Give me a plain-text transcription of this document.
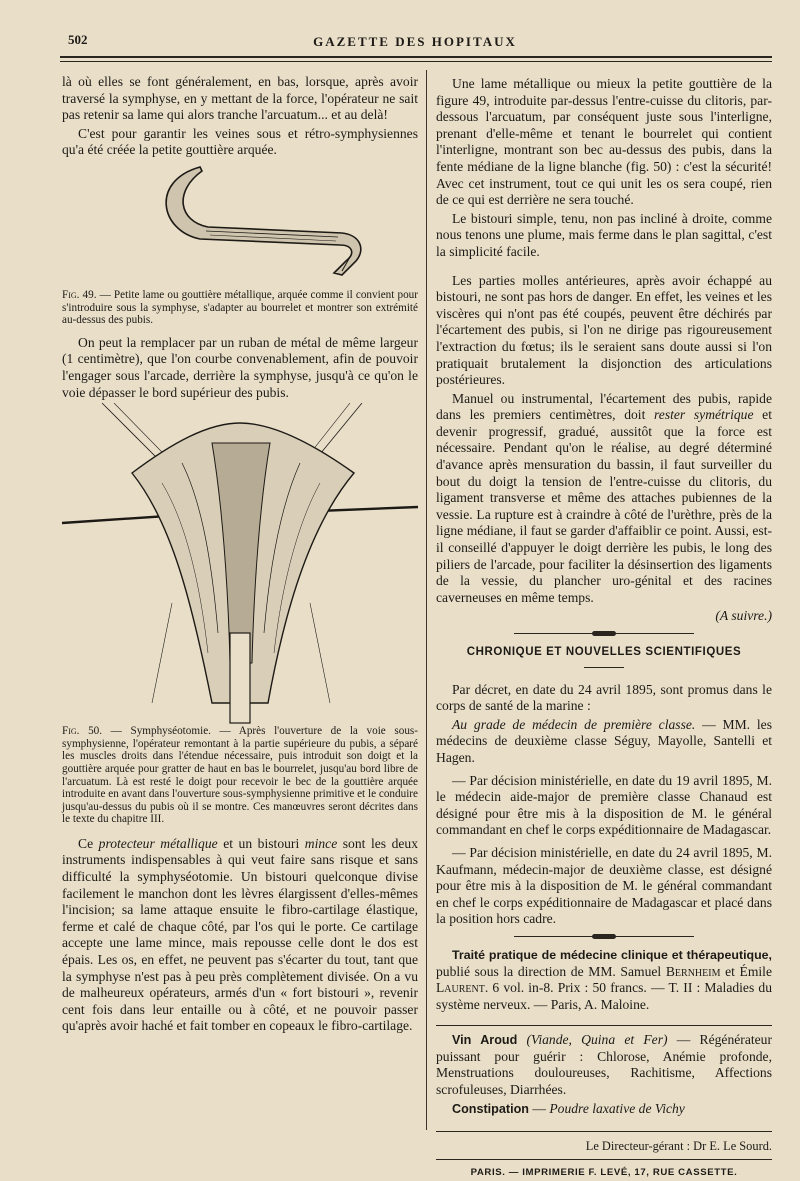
502	GAZETTE DES HOPITAUX

là où elles se font généralement, en bas, lorsque, après avoir traversé la symphyse, en y mettant de la force, l'opérateur ne sait pas retenir sa lame qui alors tranche l'arcuatum... et au delà!

C'est pour garantir les veines sous et rétro-symphysiennes qu'a été créée la petite gouttière arquée.

Fig. 49. — Petite lame ou gouttière métallique, arquée comme il convient pour s'introduire sous la symphyse, s'adapter au bourrelet et montrer son extrémité au-dessus des pubis.

On peut la remplacer par un ruban de métal de même largeur (1 centimètre), que l'on courbe convenablement, afin de pouvoir l'engager sous l'arcade, derrière la symphyse, jusqu'à ce qu'on le voie dépasser le bord supérieur des pubis.

Fig. 50. — Symphyséotomie. — Après l'ouverture de la voie sous-symphysienne, l'opérateur remontant à la partie supérieure du pubis, a séparé les muscles droits dans l'étendue nécessaire, puis introduit son doigt et la gouttière arquée pour gratter de haut en bas le bourrelet, jusqu'au bord libre de l'arcuatum. Là est resté le doigt pour recevoir le bec de la gouttière arquée introduite en avant dans l'ouverture sous-symphysienne primitive et le conduire jusqu'au-dessus du pubis où il se montre. Ces manœuvres seront décrites dans le texte du chapitre III.

Ce protecteur métallique et un bistouri mince sont les deux instruments indispensables à qui veut faire sans risque et sans difficulté la symphyséotomie. Un bistouri quelconque divise facilement le manchon dont les lèvres élargissent d'elles-mêmes l'incision; sa lame attaque ensuite le fibro-cartilage élastique, ferme et calé de chaque côté, par l'os qui le porte. Ce cartilage accepte une lame mince, mais repousse celle dont le dos est épais. Les os, en effet, ne peuvent pas s'écarter du tout, tant que la symphyse n'est pas à peu près complètement divisée. On a vu de malheureux opérateurs, armés d'un « fort bistouri », revenir cent fois dans leur entaille ou à côté, et ne pouvoir passer qu'après avoir haché et fait tomber en copeaux le fibro-cartilage.

Une lame métallique ou mieux la petite gouttière de la figure 49, introduite par-dessus l'entre-cuisse du clitoris, par-dessous l'arcuatum, par conséquent juste sous l'interligne, prenant d'elle-même et tenant le bourrelet qui contient l'interligne, montrant son bec au-dessus des pubis, dans la fente médiane de la ligne blanche (fig. 50) : c'est la sécurité! Avec cet instrument, tout ce qui unit les os sera coupé, rien de ce qui est derrière ne sera touché.

Le bistouri simple, tenu, non pas incliné à droite, comme nous tenons une plume, mais ferme dans le plan sagittal, c'est la simplicité facile.

Les parties molles antérieures, après avoir échappé au bistouri, ne sont pas hors de danger. En effet, les veines et les viscères qui n'ont pas été coupés, peuvent être déchirés par l'écartement des pubis, si l'on ne dirige pas rigoureusement l'extraction du fœtus; ils le seraient sans doute aussi si l'on pratiquait brutalement la disjonction des articulations postérieures.

Manuel ou instrumental, l'écartement des pubis, rapide dans les premiers centimètres, doit rester symétrique et devenir progressif, gradué, aussitôt que la force est nécessaire. Pendant qu'on le réalise, au degré déterminé d'avance après mensuration du bassin, il faut surveiller du bout du doigt la tension de l'entre-cuisse du clitoris, du ligament transverse et même des attaches pubiennes de la vessie. La rupture est à craindre à côté de l'urèthre, près de la ligne médiane, il faut se garder d'affaiblir ce point. Aussi, est-il conseillé d'appuyer le doigt derrière les pubis, le long des piliers de l'arcade, pour faciliter la désinsertion des ligaments de la vessie, du plancher uro-génital et des racines caverneuses en même temps.

(A suivre.)
CHRONIQUE ET NOUVELLES SCIENTIFIQUES

Par décret, en date du 24 avril 1895, sont promus dans le corps de santé de la marine :

Au grade de médecin de première classe. — MM. les médecins de deuxième classe Séguy, Mayolle, Santelli et Hagen.

— Par décision ministérielle, en date du 19 avril 1895, M. le médecin aide-major de première classe Chanaud est désigné pour être mis à la disposition de M. le général commandant en chef le corps expéditionnaire de Madagascar.

— Par décision ministérielle, en date du 24 avril 1895, M. Kaufmann, médecin-major de deuxième classe, est désigné pour être mis à la disposition de M. le général commandant en chef le corps expéditionnaire de Madagascar et placé dans la position hors cadre.

Traité pratique de médecine clinique et thérapeutique, publié sous la direction de MM. Samuel Bernheim et Émile Laurent. 6 vol. in-8. Prix : 50 francs. — T. II : Maladies du système nerveux. — Paris, A. Maloine.

Vin Aroud (Viande, Quina et Fer) — Régénérateur puissant pour guérir : Chlorose, Anémie profonde, Menstruations douloureuses, Rachitisme, Affections scrofuleuses, Diarrhées.

Constipation — Poudre laxative de Vichy

Le Directeur-gérant : Dr E. Le Sourd.
PARIS. — IMPRIMERIE F. LEVÉ, 17, RUE CASSETTE.
